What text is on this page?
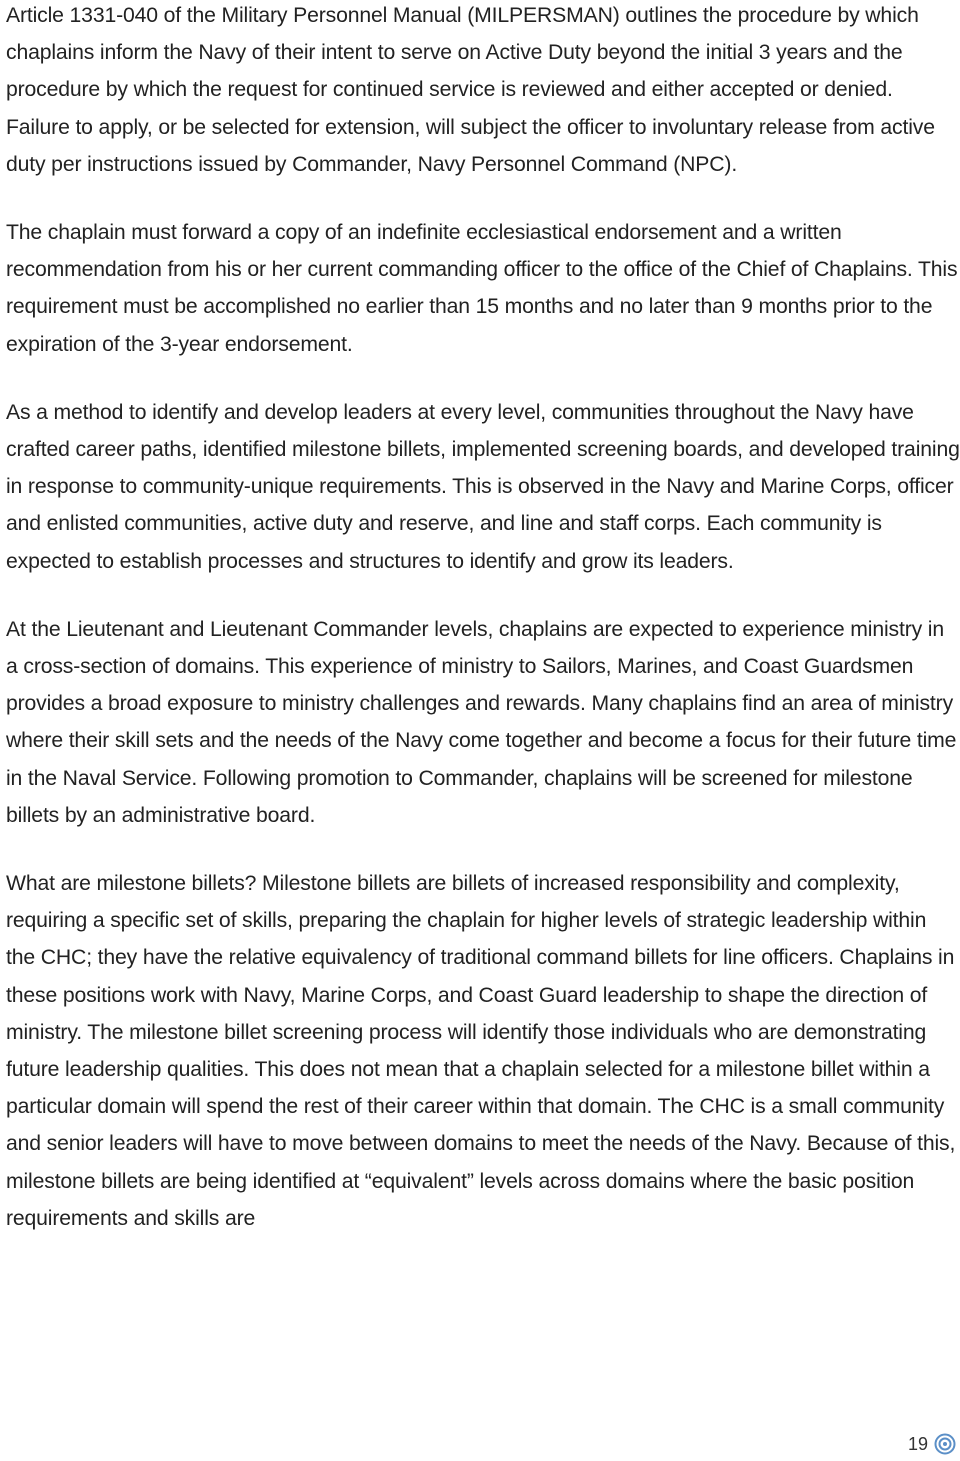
Article 1331-040 of the Military Personnel Manual (MILPERSMAN) outlines the procedure by which chaplains inform the Navy of their intent to serve on Active Duty beyond the initial 3 years and the procedure by which the request for continued service is reviewed and either accepted or denied. Failure to apply, or be selected for extension, will subject the officer to involuntary release from active duty per instructions issued by Commander, Navy Personnel Command (NPC).

The chaplain must forward a copy of an indefinite ecclesiastical endorsement and a written recommendation from his or her current commanding officer to the office of the Chief of Chaplains. This requirement must be accomplished no earlier than 15 months and no later than 9 months prior to the expiration of the 3-year endorsement.

As a method to identify and develop leaders at every level, communities throughout the Navy have crafted career paths, identified milestone billets, implemented screening boards, and developed training in response to community-unique requirements. This is observed in the Navy and Marine Corps, officer and enlisted communities, active duty and reserve, and line and staff corps. Each community is expected to establish processes and structures to identify and grow its leaders.

At the Lieutenant and Lieutenant Commander levels, chaplains are expected to experience ministry in a cross-section of domains. This experience of ministry to Sailors, Marines, and Coast Guardsmen provides a broad exposure to ministry challenges and rewards. Many chaplains find an area of ministry where their skill sets and the needs of the Navy come together and become a focus for their future time in the Naval Service. Following promotion to Commander, chaplains will be screened for milestone billets by an administrative board.

What are milestone billets? Milestone billets are billets of increased responsibility and complexity, requiring a specific set of skills, preparing the chaplain for higher levels of strategic leadership within the CHC; they have the relative equivalency of traditional command billets for line officers. Chaplains in these positions work with Navy, Marine Corps, and Coast Guard leadership to shape the direction of ministry. The milestone billet screening process will identify those individuals who are demonstrating future leadership qualities. This does not mean that a chaplain selected for a milestone billet within a particular domain will spend the rest of their career within that domain. The CHC is a small community and senior leaders will have to move between domains to meet the needs of the Navy. Because of this, milestone billets are being identified at “equivalent” levels across domains where the basic position requirements and skills are

19
